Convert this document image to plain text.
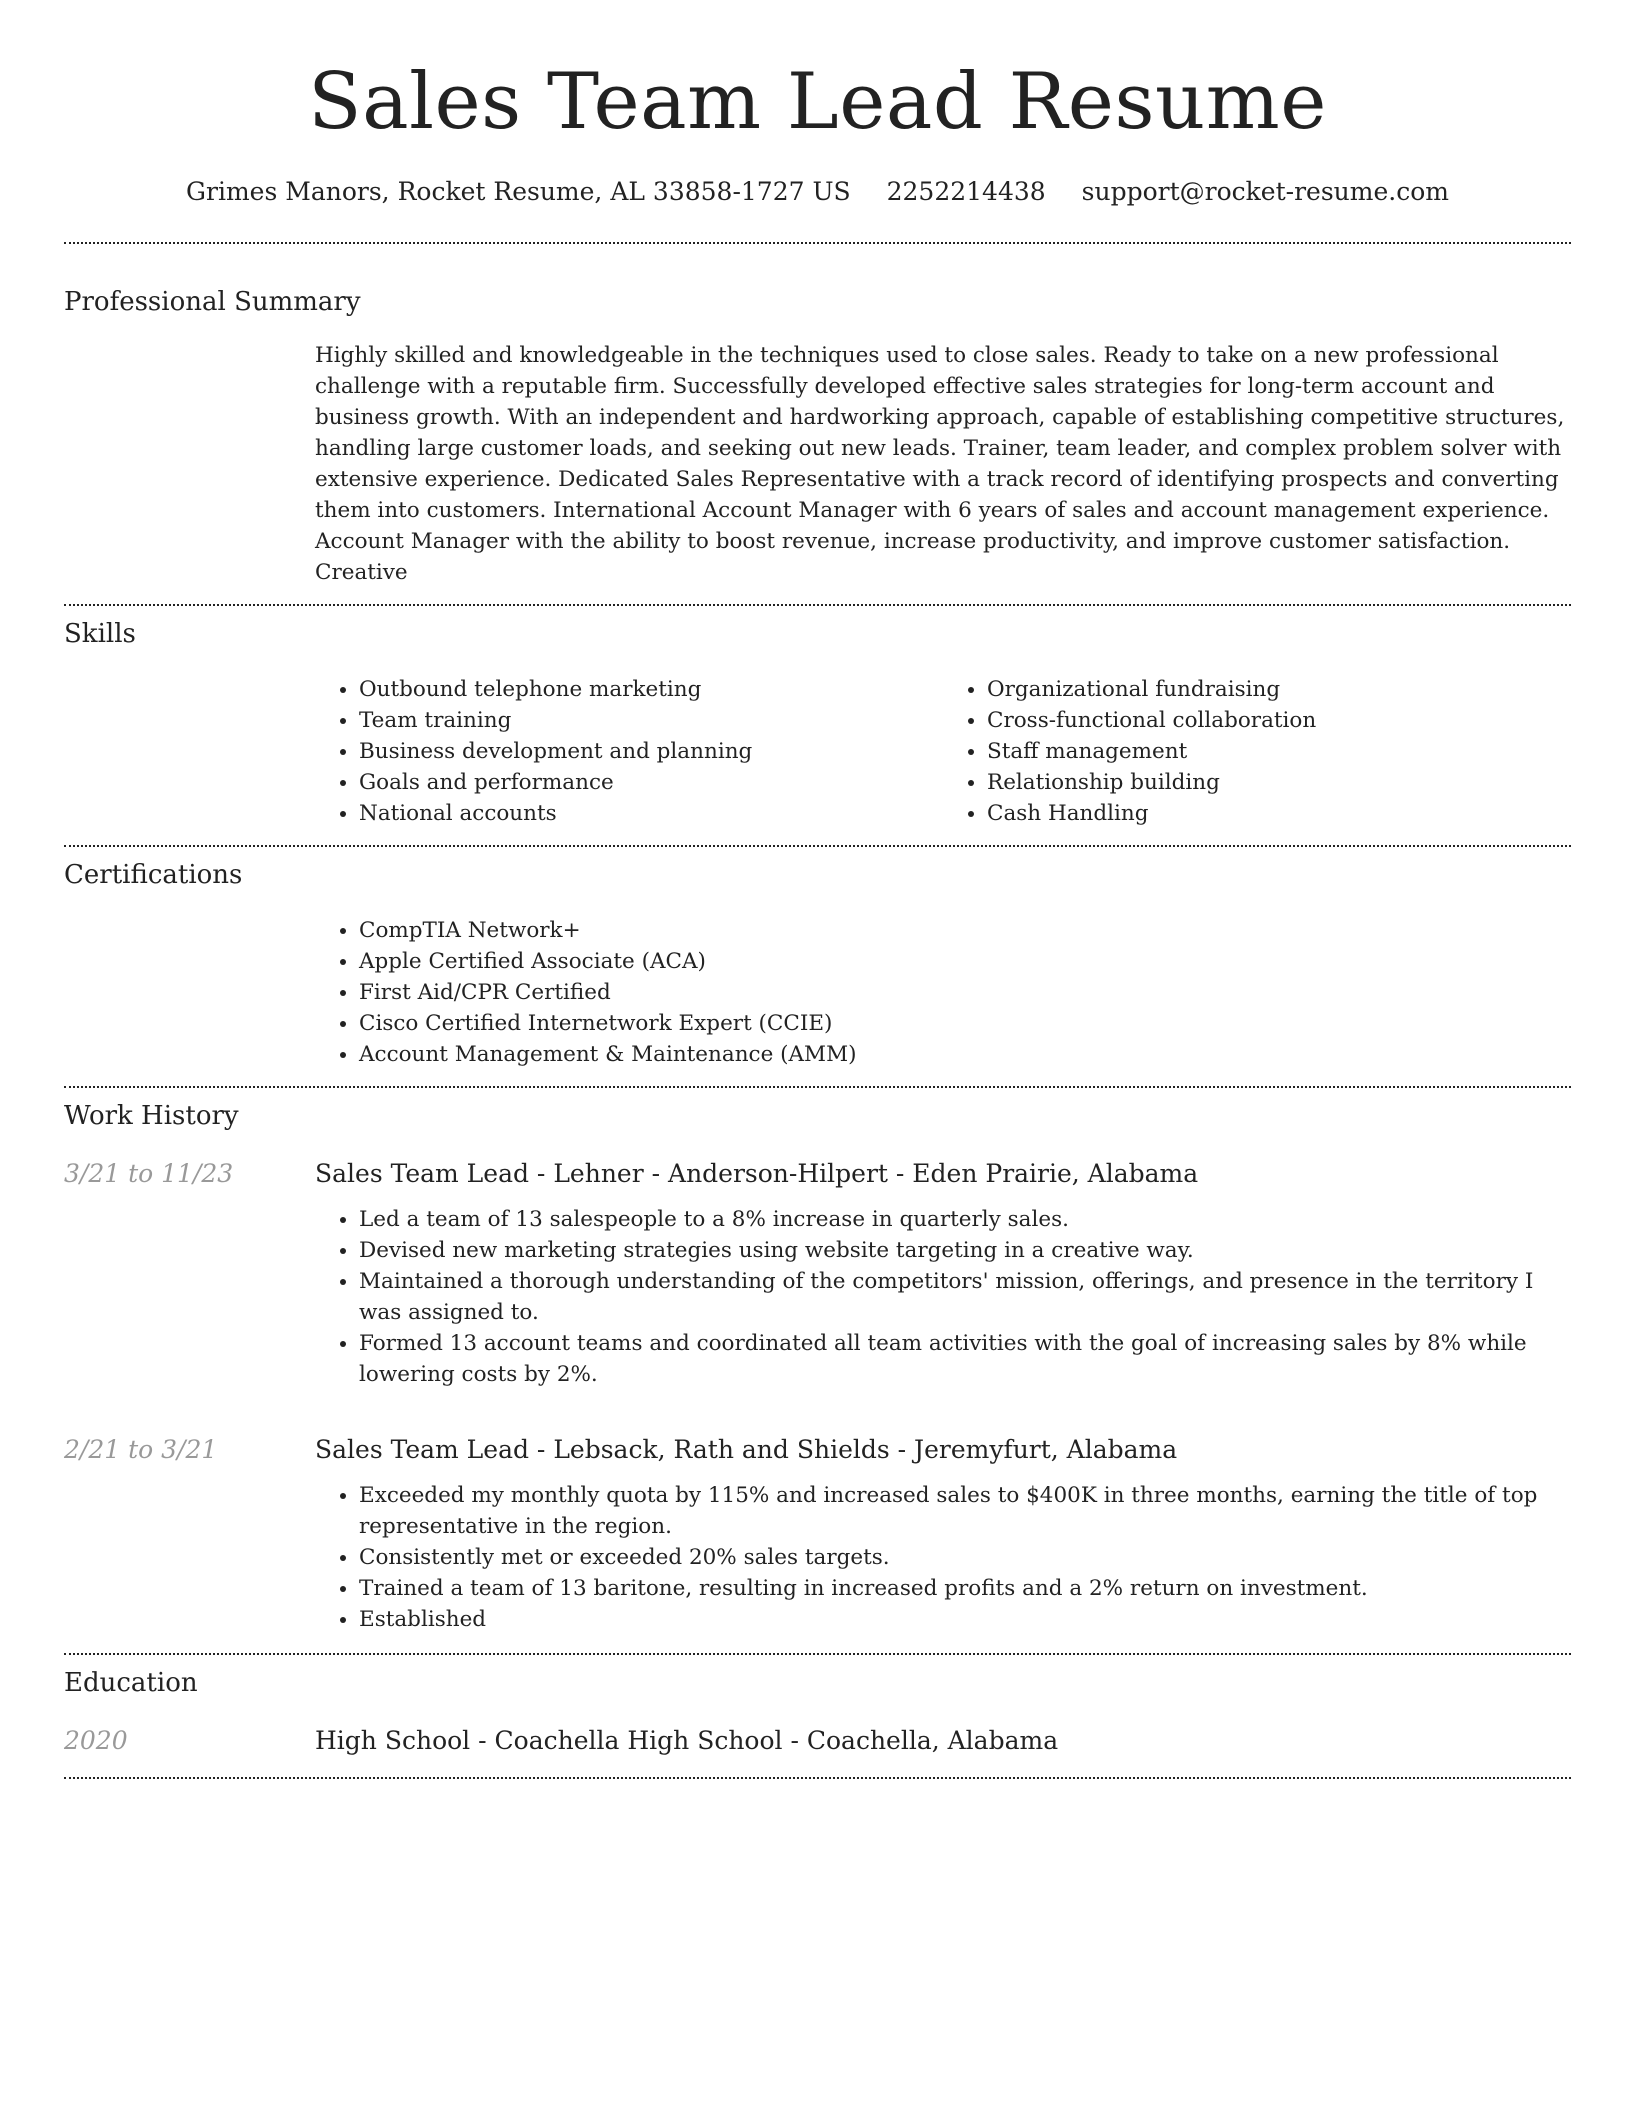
Sales Team Lead Resume
Grimes Manors, Rocket Resume, AL 33858-1727 US 2252214438 support@rocket-resume.com
Professional Summary
Highly skilled and knowledgeable in the techniques used to close sales. Ready to take on a new professional challenge with a reputable firm. Successfully developed effective sales strategies for long-term account and business growth. With an independent and hardworking approach, capable of establishing competitive structures, handling large customer loads, and seeking out new leads. Trainer, team leader, and complex problem solver with extensive experience. Dedicated Sales Representative with a track record of identifying prospects and converting them into customers. International Account Manager with 6 years of sales and account management experience. Account Manager with the ability to boost revenue, increase productivity, and improve customer satisfaction. Creative
Skills
• Outbound telephone marketing
• Team training
• Business development and planning
• Goals and performance
• National accounts
• Organizational fundraising
• Cross-functional collaboration
• Staff management
• Relationship building
• Cash Handling
Certifications
• CompTIA Network+
• Apple Certified Associate (ACA)
• First Aid/CPR Certified
• Cisco Certified Internetwork Expert (CCIE)
• Account Management & Maintenance (AMM)
Work History
3/21 to 11/23	Sales Team Lead - Lehner - Anderson-Hilpert - Eden Prairie, Alabama
• Led a team of 13 salespeople to a 8% increase in quarterly sales.
• Devised new marketing strategies using website targeting in a creative way.
• Maintained a thorough understanding of the competitors' mission, offerings, and presence in the territory I was assigned to.
• Formed 13 account teams and coordinated all team activities with the goal of increasing sales by 8% while lowering costs by 2%.
2/21 to 3/21	Sales Team Lead - Lebsack, Rath and Shields - Jeremyfurt, Alabama
• Exceeded my monthly quota by 115% and increased sales to $400K in three months, earning the title of top representative in the region.
• Consistently met or exceeded 20% sales targets.
• Trained a team of 13 baritone, resulting in increased profits and a 2% return on investment.
• Established
Education
2020	High School - Coachella High School - Coachella, Alabama
